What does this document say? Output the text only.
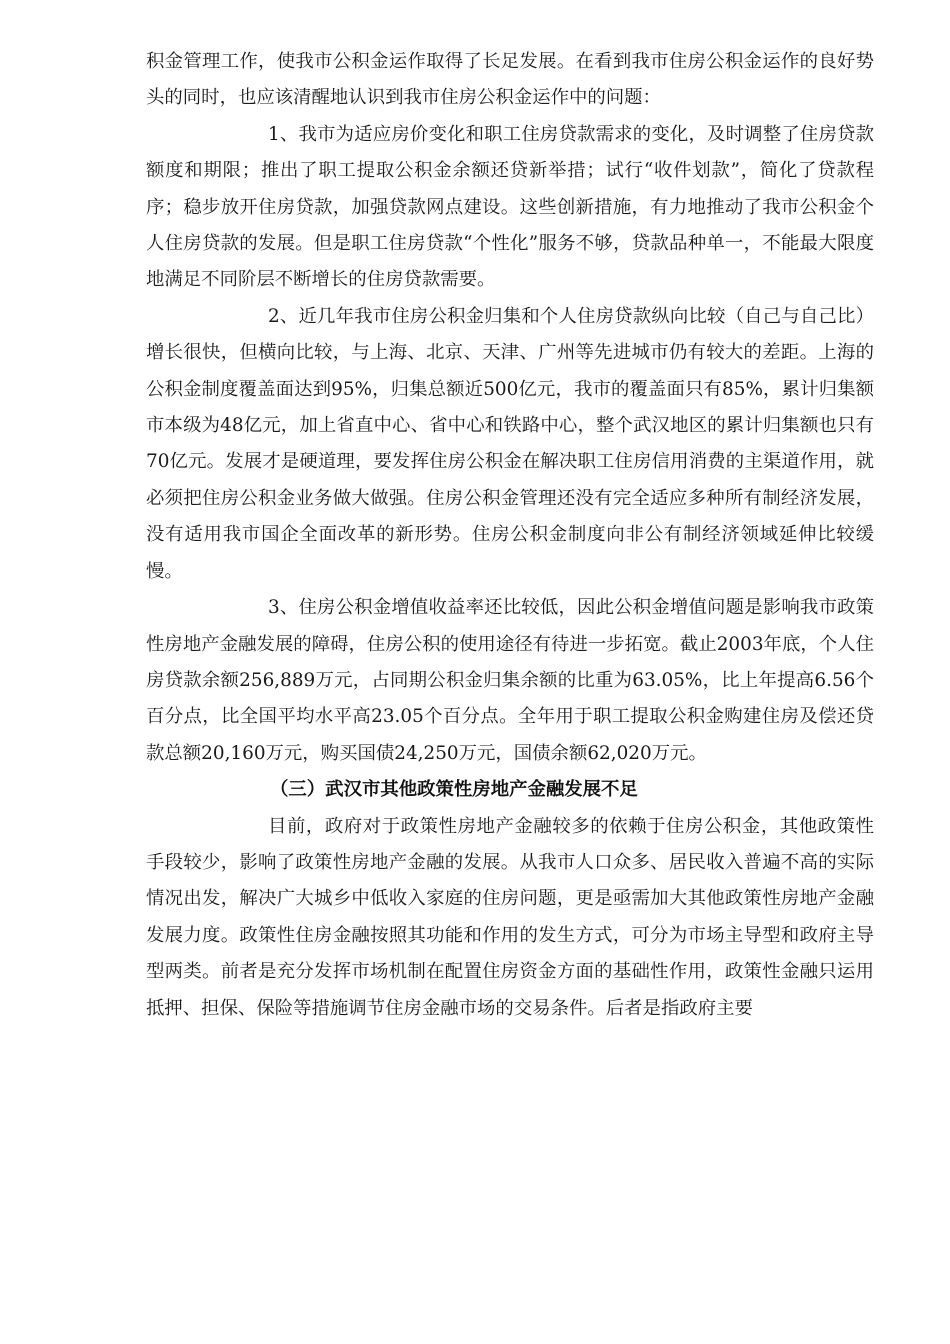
积金管理工作，使我市公积金运作取得了长足发展。在看到我市住房公积金运作的良好势头的同时，也应该清醒地认识到我市住房公积金运作中的问题：

1、我市为适应房价变化和职工住房贷款需求的变化，及时调整了住房贷款额度和期限；推出了职工提取公积金余额还贷新举措；试行“收件划款”，简化了贷款程序；稳步放开住房贷款，加强贷款网点建设。这些创新措施，有力地推动了我市公积金个人住房贷款的发展。但是职工住房贷款“个性化”服务不够，贷款品种单一，不能最大限度地满足不同阶层不断增长的住房贷款需要。

2、近几年我市住房公积金归集和个人住房贷款纵向比较（自己与自己比）增长很快，但横向比较，与上海、北京、天津、广州等先进城市仍有较大的差距。上海的公积金制度覆盖面达到95%，归集总额近500亿元，我市的覆盖面只有85%，累计归集额市本级为48亿元，加上省直中心、省中心和铁路中心，整个武汉地区的累计归集额也只有70亿元。发展才是硬道理，要发挥住房公积金在解决职工住房信用消费的主渠道作用，就必须把住房公积金业务做大做强。住房公积金管理还没有完全适应多种所有制经济发展，没有适用我市国企全面改革的新形势。住房公积金制度向非公有制经济领域延伸比较缓慢。

3、住房公积金增值收益率还比较低，因此公积金增值问题是影响我市政策性房地产金融发展的障碍，住房公积的使用途径有待进一步拓宽。截止2003年底，个人住房贷款余额256,889万元，占同期公积金归集余额的比重为63.05%，比上年提高6.56个百分点，比全国平均水平高23.05个百分点。全年用于职工提取公积金购建住房及偿还贷款总额20,160万元，购买国债24,250万元，国债余额62,020万元。

（三）武汉市其他政策性房地产金融发展不足

目前，政府对于政策性房地产金融较多的依赖于住房公积金，其他政策性手段较少，影响了政策性房地产金融的发展。从我市人口众多、居民收入普遍不高的实际情况出发，解决广大城乡中低收入家庭的住房问题，更是亟需加大其他政策性房地产金融发展力度。政策性住房金融按照其功能和作用的发生方式，可分为市场主导型和政府主导型两类。前者是充分发挥市场机制在配置住房资金方面的基础性作用，政策性金融只运用抵押、担保、保险等措施调节住房金融市场的交易条件。后者是指政府主要
